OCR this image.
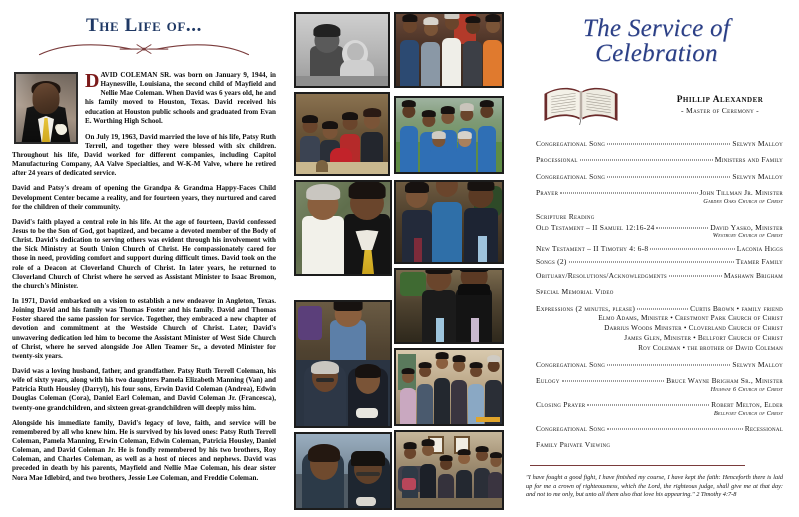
The Life of...

DAVID COLEMAN SR. was born on January 9, 1944, in Haynesville, Louisiana, the second child of Mayfield and Nellie Mae Coleman. When David was 6 years old, he and his family moved to Houston, Texas. David received his education at Houston public schools and graduated from Evan E. Worthing High School.

On July 19, 1963, David married the love of his life, Patsy Ruth Terrell, and together they were blessed with six children. Throughout his life, David worked for different companies, including Capitol Manufacturing Company, AA Valve Specialties, and W-K-M Valve, where he retired after 24 years of dedicated service.

David and Patsy's dream of opening the Grandpa & Grandma Happy-Faces Child Development Center became a reality, and for fourteen years, they nurtured and cared for the children of their community.

David's faith played a central role in his life. At the age of fourteen, David confessed Jesus to be the Son of God, got baptized, and became a devoted member of the Body of Christ. David's dedication to serving others was evident through his involvement with the Sick Ministry at South Union Church of Christ. He compassionately cared for those in need, providing comfort and support during difficult times. David took on the role of a Deacon at Cloverland Church of Christ. In later years, he returned to Cloverland Church of Christ where he served as Assistant Minister to Isaac Bromon, the church's Minister.

In 1971, David embarked on a vision to establish a new endeavor in Angleton, Texas. Joining David and his family was Thomas Foster and his family. David and Thomas Foster shared the same passion for service. Together, they embraced a new chapter of devotion and commitment at the Westside Church of Christ. Later, David's unwavering dedication led him to become the Assistant Minister of West Side Church of Christ, where he served alongside Joe Allen Teamer Sr., a devoted Minister for twenty-six years.

David was a loving husband, father, and grandfather. Patsy Ruth Terrell Coleman, his wife of sixty years, along with his two daughters Pamela Elizabeth Manning (Van) and Patricia Ruth Housley (Darryl), his four sons, Erwin David Coleman (Andrea), Edwin Douglas Coleman (Cora), Daniel Earl Coleman, and David Coleman Jr. (Francesca), twenty-one grandchildren, and sixteen great-grandchildren will deeply miss him.

Alongside his immediate family, David's legacy of love, faith, and service will be remembered by all who knew him. He is survived by his loved ones: Patsy Ruth Terrell Coleman, Pamela Manning, Erwin Coleman, Edwin Coleman, Patricia Housley, Daniel Coleman, and David Coleman Jr. He is fondly remembered by his two brothers, Roy Coleman, and Charles Coleman, as well as a host of nieces and nephews. David was preceded in death by his parents, Mayfield and Nellie Mae Coleman, his dear sister Nora Mae Idlebird, and two brothers, Jessie Lee Coleman, and Freddie Coleman.

The Service of Celebration
Phillip Alexander
- Master of Ceremony -
Congregational Song	Selwyn Malloy
Processional	Ministers and Family
Congregational Song	Selwyn Malloy
Prayer	John Tillman Jr. Minister
Garden Oaks Church of Christ
Scripture Reading
Old Testament – II Samuel 12:16-24	David Yasko, Minister
Westbury Church of Christ
New Testament – II Timothy 4: 6-8	Laconia Higgs
Songs (2)	Teamer Family
Obituary/Resolutions/Acknowledgments	Mashawn Brigham
Special Memorial Video
Expressions (2 minutes, please)	Curtis Brown • family friend
Elmo Adams, Minister • Crestmont Park Church of Christ
Darrius Woods Minister • Cloverland Church of Christ
James Glen, Minister • Bellfort Church of Christ
Roy Coleman • the brother of David Coleman
Congregational Song	Selwyn Malloy
Eulogy	Bruce Wayne Brigham Sr., Minister
Highway 6 Church of Christ
Closing Prayer	Robert Melton, Elder
Bellfort Church of Christ
Congregational Song	Recessional
Family Private Viewing
"I have fought a good fight, I have finished my course, I have kept the faith: Henceforth there is laid up for me a crown of righteousness, which the Lord, the righteous judge, shall give me at that day: and not to me only, but unto all them also that love his appearing." 2 Timothy 4:7-8
